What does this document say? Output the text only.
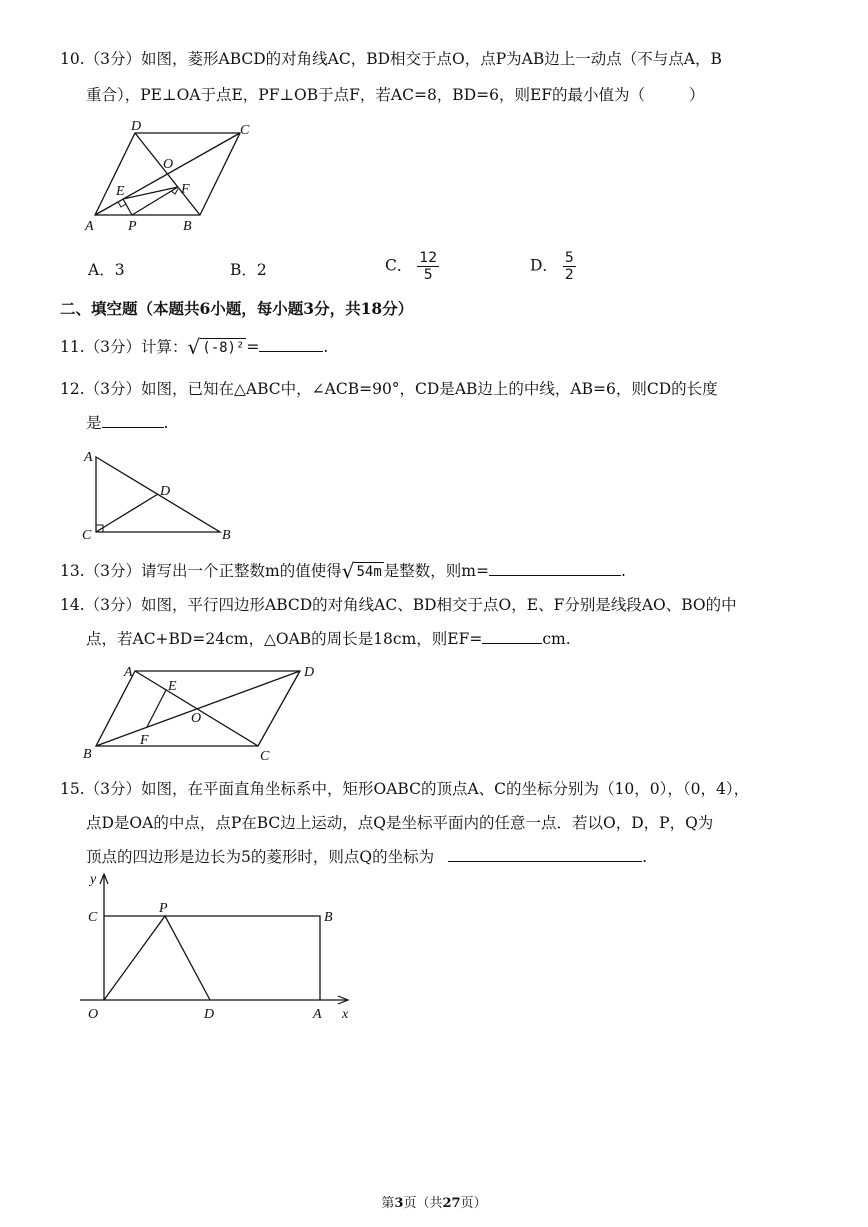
10.（3分）如图，菱形ABCD的对角线AC，BD相交于点O，点P为AB边上一动点（不与点A，B
重合），PE⊥OA于点E，PF⊥OB于点F，若AC=8，BD=6，则EF的最小值为（	）
D	C
O
E	F
A P	B
A．3	B．2	C． $\frac{12}{5}$	D． $\frac{5}{2}$
二、填空题（本题共6小题，每小题3分，共18分）
11.（3分）计算：√ (-8)² =	.
12.（3分）如图，已知在△ABC中，∠ACB=90°，CD是AB边上的中线，AB=6，则CD的长度
是	.
A
D
C	B
13.（3分）请写出一个正整数m的值使得√ 54m 是整数，则m=	.
14.（3分）如图，平行四边形ABCD的对角线AC、BD相交于点O，E、F分别是线段AO、BO的中
点，若AC+BD=24cm，△OAB的周长是18cm，则EF=	cm.
A	D
E
O
F
B	C
15.（3分）如图，在平面直角坐标系中，矩形OABC的顶点A、C的坐标分别为（10，0），（0，4），
点D是OA的中点，点P在BC边上运动，点Q是坐标平面内的任意一点．若以O，D，P，Q为
顶点的四边形是边长为5的菱形时，则点Q的坐标为	.
y
C
P
B
O	D	A x
第3页（共27页）
